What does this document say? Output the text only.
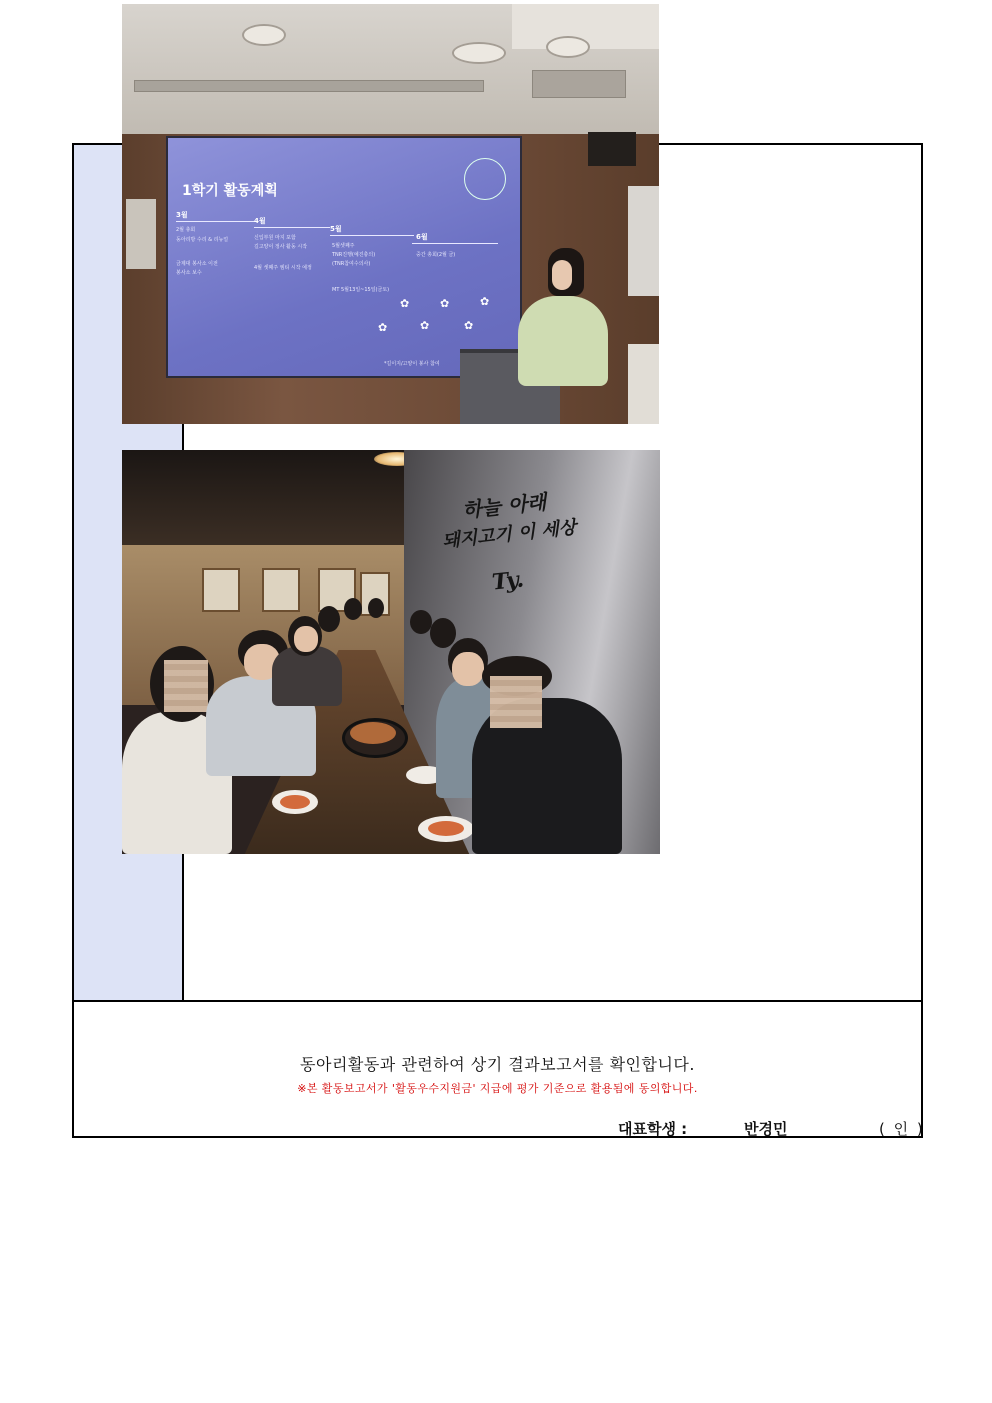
1학기 활동계획
3월
4월
5월
6월
2월 총회
동아리방 수리 & 리뉴얼
금제대 봉사소 이전
봉사소 보수
신입부원 마지 포함
길고양이 정사 활동 시작
4월 셋째주 엠티 시작 예정
5월셋째주
TNR진행(예진충의)
(TNR참여수의사)
중간 총회(2월 금)
MT 5월13일~15일(금토)
✿	✿	✿
✿	✿	✿
*길이지/고양이 봉사 참여
하늘 아래
돼지고기 이 세상
Ty.
동아리활동과 관련하여 상기 결과보고서를 확인합니다.
※본 활동보고서가 '활동우수지원금' 지급에 평가 기준으로 활용됨에 동의합니다.
대표학생 :	반경민	( 인 )
